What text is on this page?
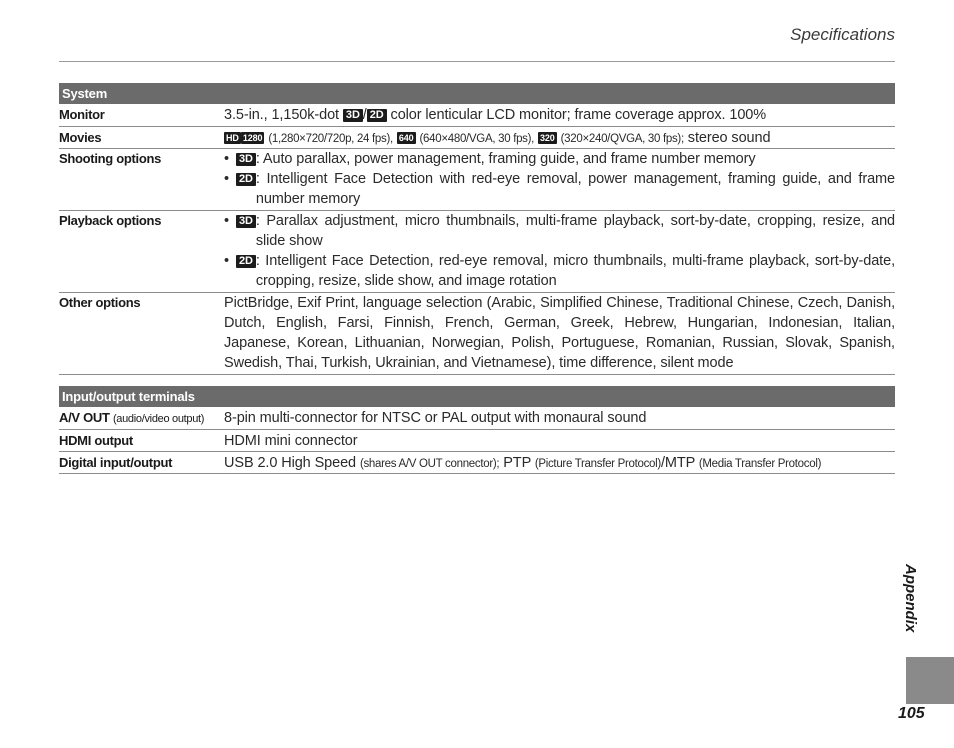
Specifications
System
Monitor	3.5-in., 1,150k-dot 3D / 2D color lenticular LCD monitor; frame coverage approx. 100%
Movies	HD 1280 (1,280×720/720p, 24 fps), 640 (640×480/VGA, 30 fps), 320 (320×240/QVGA, 30 fps); stereo sound
Shooting options	• 3D : Auto parallax, power management, framing guide, and frame number memory
• 2D : Intelligent Face Detection with red-eye removal, power management, framing guide, and frame number memory
Playback options	• 3D : Parallax adjustment, micro thumbnails, multi-frame playback, sort-by-date, cropping, resize, and slide show
• 2D : Intelligent Face Detection, red-eye removal, micro thumbnails, multi-frame playback, sort-by-date, cropping, resize, slide show, and image rotation
Other options	PictBridge, Exif Print, language selection (Arabic, Simplified Chinese, Traditional Chinese, Czech, Danish, Dutch, English, Farsi, Finnish, French, German, Greek, Hebrew, Hungarian, Indonesian, Italian, Japanese, Korean, Lithuanian, Norwegian, Polish, Portuguese, Romanian, Russian, Slovak, Spanish, Swedish, Thai, Turkish, Ukrainian, and Vietnamese), time difference, silent mode
Input/output terminals
A/V OUT (audio/video output)	8-pin multi-connector for NTSC or PAL output with monaural sound
HDMI output	HDMI mini connector
Digital input/output	USB 2.0 High Speed (shares A/V OUT connector); PTP (Picture Transfer Protocol)/MTP (Media Transfer Protocol)
Appendix
105
